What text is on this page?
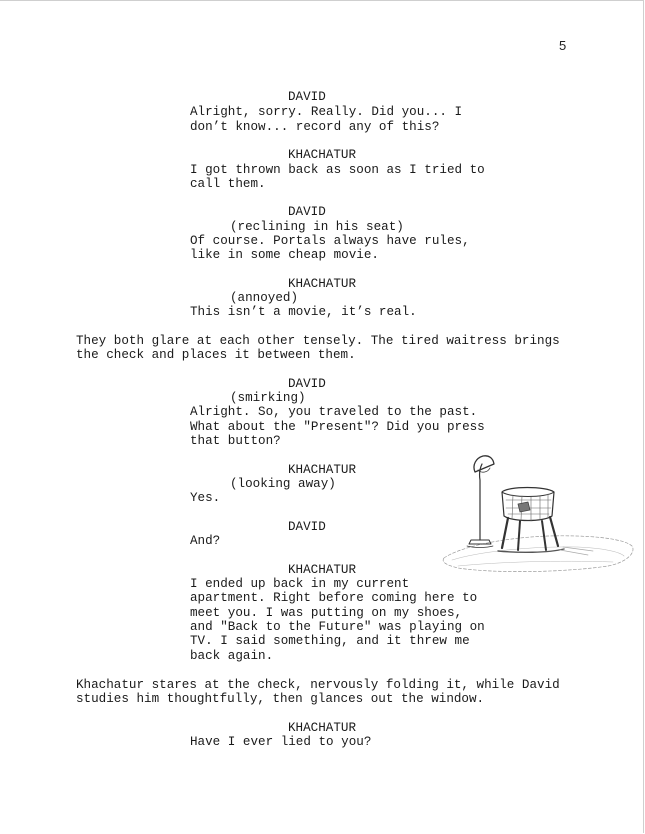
5
DAVID
Alright, sorry. Really. Did you... I
don’t know... record any of this?
KHACHATUR
I got thrown back as soon as I tried to
call them.
DAVID
(reclining in his seat)
Of course. Portals always have rules,
like in some cheap movie.
KHACHATUR
(annoyed)
This isn’t a movie, it’s real.
They both glare at each other tensely. The tired waitress brings
the check and places it between them.
DAVID
(smirking)
Alright. So, you traveled to the past.
What about the "Present"? Did you press
that button?
KHACHATUR
(looking away)
Yes.
DAVID
And?
KHACHATUR
I ended up back in my current
apartment. Right before coming here to
meet you. I was putting on my shoes,
and "Back to the Future" was playing on
TV. I said something, and it threw me
back again.
Khachatur stares at the check, nervously folding it, while David
studies him thoughtfully, then glances out the window.
KHACHATUR
Have I ever lied to you?
